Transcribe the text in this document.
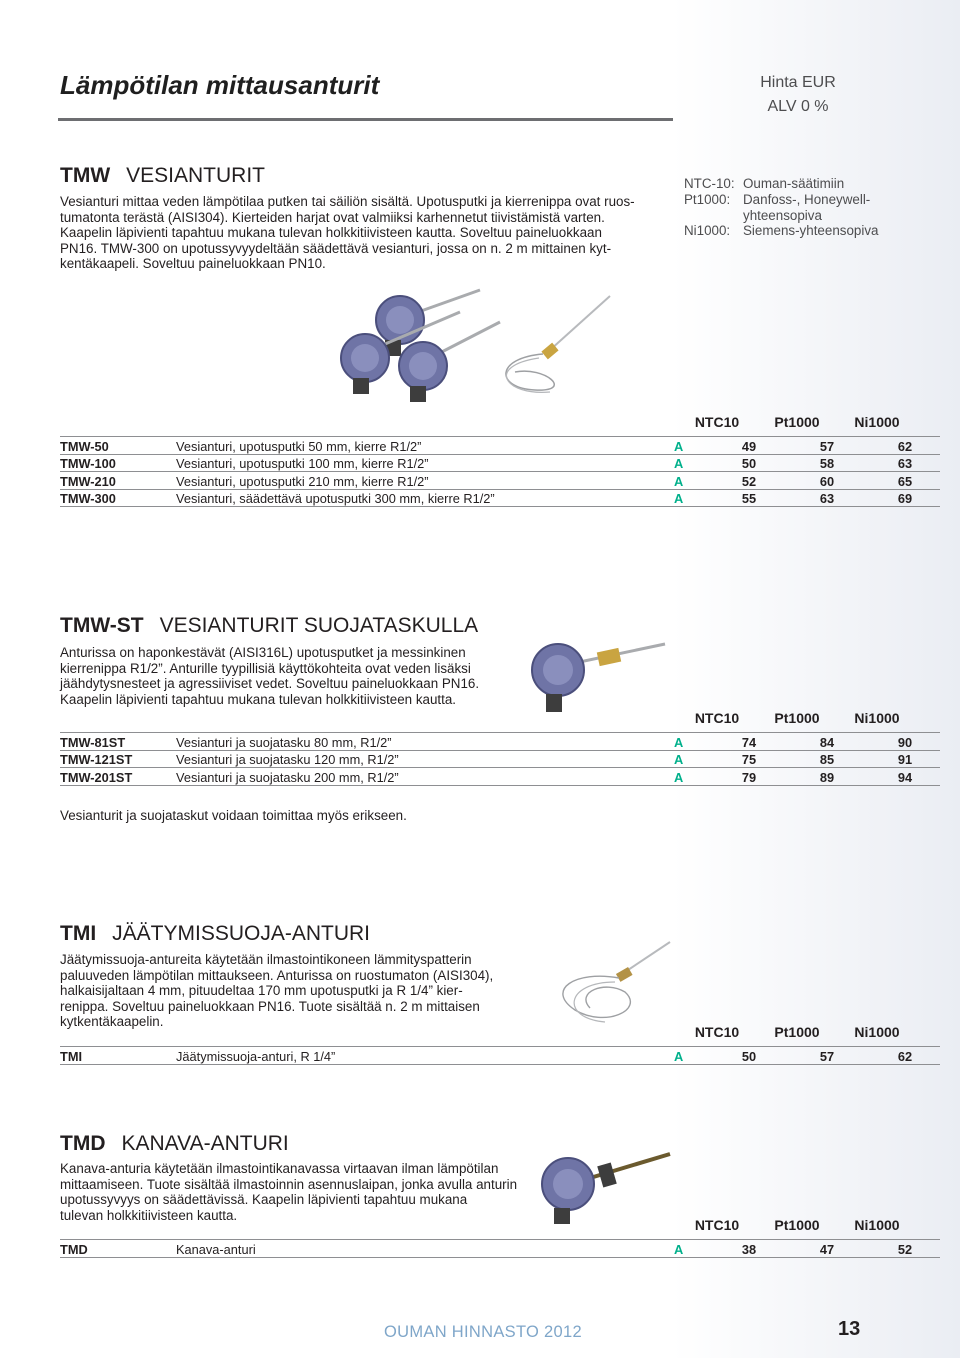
Lämpötilan mittausanturit	Hinta EUR
ALV 0 %
TMW VESIANTURIT
Vesianturi mittaa veden lämpötilaa putken tai säiliön sisältä. Upotusputki ja kierrenippa ovat ruos-
tumatonta terästä (AISI304). Kierteiden harjat ovat valmiiksi karhennetut tiivistämistä varten.
Kaapelin läpivienti tapahtuu mukana tulevan holkkitiivisteen kautta. Soveltuu paineluokkaan
PN16. TMW-300 on upotussyvyydeltään säädettävä vesianturi, jossa on n. 2 m mittainen kyt-
kentäkaapeli. Soveltuu paineluokkaan PN10.
NTC-10: Ouman-säätimiin
Pt1000: Danfoss-, Honeywell-
yhteensopiva
Ni1000: Siemens-yhteensopiva
NTC10	Pt1000	Ni1000
TMW-50	Vesianturi, upotusputki 50 mm, kierre R1/2”	A	49		57		62
TMW-100	Vesianturi, upotusputki 100 mm, kierre R1/2”	A	50		58		63
TMW-210	Vesianturi, upotusputki 210 mm, kierre R1/2”	A	52		60		65
TMW-300	Vesianturi, säädettävä upotusputki 300 mm, kierre R1/2”	A	55		63		69
TMW-ST VESIANTURIT SUOJATASKULLA
Anturissa on haponkestävät (AISI316L) upotusputket ja messinkinen
kierrenippa R1/2”. Anturille tyypillisiä käyttökohteita ovat veden lisäksi
jäähdytysnesteet ja agressiiviset vedet. Soveltuu paineluokkaan PN16.
Kaapelin läpivienti tapahtuu mukana tulevan holkkitiivisteen kautta.
NTC10	Pt1000	Ni1000
TMW-81ST	Vesianturi ja suojatasku 80 mm, R1/2”	A	74		84		90
TMW-121ST	Vesianturi ja suojatasku 120 mm, R1/2”	A	75		85		91
TMW-201ST	Vesianturi ja suojatasku 200 mm, R1/2”	A	79		89		94
Vesianturit ja suojataskut voidaan toimittaa myös erikseen.
TMI JÄÄTYMISSUOJA-ANTURI
Jäätymissuoja-antureita käytetään ilmastointikoneen lämmityspatterin
paluuveden lämpötilan mittaukseen. Anturissa on ruostumaton (AISI304),
halkaisijaltaan 4 mm, pituudeltaa 170 mm upotusputki ja R 1/4” kier-
renippa. Soveltuu paineluokkaan PN16. Tuote sisältää n. 2 m mittaisen
kytkentäkaapelin.
NTC10	Pt1000	Ni1000
TMI	Jäätymissuoja-anturi, R 1/4”	A	50		57		62
TMD KANAVA-ANTURI
Kanava-anturia käytetään ilmastointikanavassa virtaavan ilman lämpötilan
mittaamiseen. Tuote sisältää ilmastoinnin asennuslaipan, jonka avulla anturin
upotussyvyys on säädettävissä. Kaapelin läpivienti tapahtuu mukana
tulevan holkkitiivisteen kautta.
NTC10	Pt1000	Ni1000
TMD	Kanava-anturi	A	38		47		52
OUMAN HINNASTO 2012	13
